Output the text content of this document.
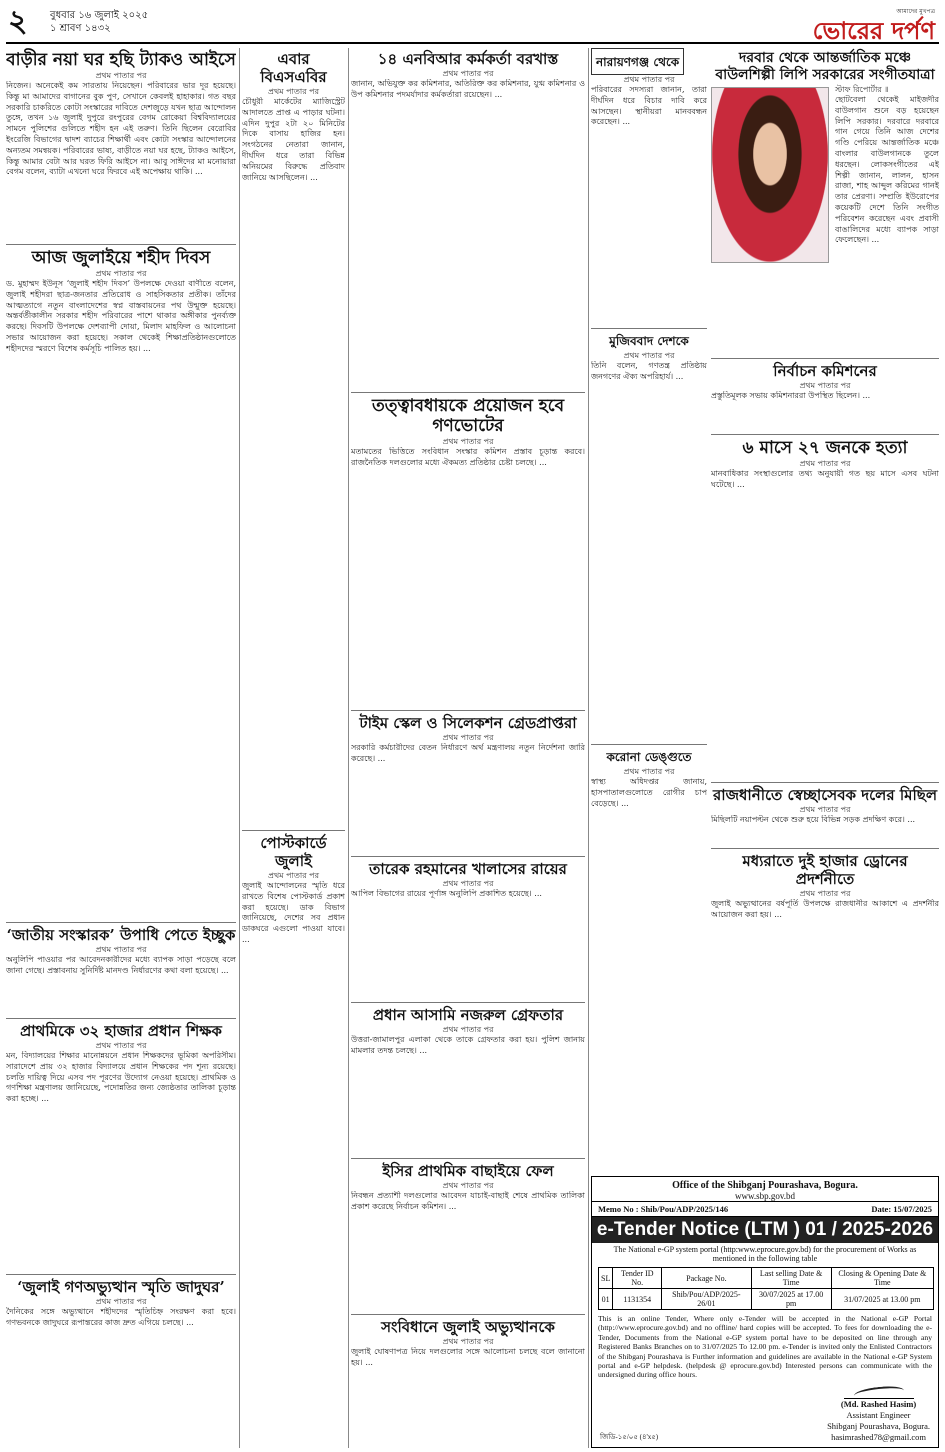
২ বুধবার ১৬ জুলাই ২০২৫
১ শ্রাবণ ১৪৩২
আমাদের মুখপত্র
ভোরের দর্পণ
বাড়ীর নয়া ঘর হছি ট্যাকও আইসে
প্রথম পাতার পর
নিজেন। অনেকেই কম সারতায় নিয়েছেন। পরিবারের ভার দূর হয়েছে। কিন্তু মা আমাদের বাগানের বুক পুণ, সেখানে কেবলই হাহাকার। গত বছর সরকারি চাকরিতে কোটা সংস্কারের দাবিতে দেশজুড়ে যখন ছাত্র আন্দোলন তুঙ্গে, তখন ১৬ জুলাই দুপুরে রংপুরের বেগম রোকেয়া বিশ্ববিদ্যালয়ের সামনে পুলিশের গুলিতে শহীদ হন এই তরুণ। তিনি ছিলেন বেরোবির ইংরেজি বিভাগের দ্বাদশ ব্যাচের শিক্ষার্থী এবং কোটা সংস্কার আন্দোলনের অন্যতম সমন্বয়ক। পরিবারের ভাষ্য, বাড়ীতে নয়া ঘর হছে, ট্যাকও আইসে, কিন্তু আমার বেটা আর ঘরত ফিরি আইসে না। আবু সাঈদের মা মনোয়ারা বেগম বলেন, ব্যাটা এখনো ঘরে ফিরবে এই অপেক্ষায় থাকি। ...
আজ জুলাইয়ে শহীদ দিবস
প্রথম পাতার পর
ড. মুহাম্মদ ইউনূস ‘জুলাই শহীদ দিবস’ উপলক্ষে দেওয়া বাণীতে বলেন, জুলাই শহীদরা ছাত্র-জনতার প্রতিরোধ ও সাহসিকতার প্রতীক। তাঁদের আত্মত্যাগে নতুন বাংলাদেশের স্বপ্ন বাস্তবায়নের পথ উন্মুক্ত হয়েছে। অন্তর্বর্তীকালীন সরকার শহীদ পরিবারের পাশে থাকার অঙ্গীকার পুনর্ব্যক্ত করছে। দিবসটি উপলক্ষে দেশব্যাপী দোয়া, মিলাদ মাহফিল ও আলোচনা সভার আয়োজন করা হয়েছে। সকাল থেকেই শিক্ষাপ্রতিষ্ঠানগুলোতে শহীদদের স্মরণে বিশেষ কর্মসূচি পালিত হয়। ...
‘জাতীয় সংস্কারক’ উপাধি পেতে ইচ্ছুক
প্রথম পাতার পর
অনুলিপি পাওয়ার পর আবেদনকারীদের মধ্যে ব্যাপক সাড়া পড়েছে বলে জানা গেছে। প্রস্তাবনায় সুনির্দিষ্ট মানদণ্ড নির্ধারণের কথা বলা হয়েছে। ...
প্রাথমিকে ৩২ হাজার প্রধান শিক্ষক
প্রথম পাতার পর
মন, বিদ্যালয়ের শিক্ষার মানোন্নয়নে প্রধান শিক্ষকদের ভূমিকা অপরিসীম। সারাদেশে প্রায় ৩২ হাজার বিদ্যালয়ে প্রধান শিক্ষকের পদ শূন্য রয়েছে। চলতি দায়িত্ব দিয়ে এসব পদ পূরণের উদ্যোগ নেওয়া হয়েছে। প্রাথমিক ও গণশিক্ষা মন্ত্রণালয় জানিয়েছে, পদোন্নতির জন্য জ্যেষ্ঠতার তালিকা চূড়ান্ত করা হচ্ছে। ...
‘জুলাই গণঅভ্যুত্থান স্মৃতি জাদুঘর’
প্রথম পাতার পর
দৈনিকের সঙ্গে অভ্যুত্থানে শহীদদের স্মৃতিচিহ্ন সংরক্ষণ করা হবে। গণভবনকে জাদুঘরে রূপান্তরের কাজ দ্রুত এগিয়ে চলছে। ...
এবার বিএসএবির
প্রথম পাতার পর
চৌধুরী মার্কেটের ম্যাজিস্ট্রেট আদালতে প্রাপ্ত এ পাড়ার ঘটনা। এদিন দুপুর ২টা ২০ মিনিটের দিকে বাসায় হাজির হন। সংগঠনের নেতারা জানান, দীর্ঘদিন ধরে তারা বিভিন্ন অনিয়মের বিরুদ্ধে প্রতিবাদ জানিয়ে আসছিলেন। ...
পোস্টকার্ডে জুলাই
প্রথম পাতার পর
জুলাই আন্দোলনের স্মৃতি ধরে রাখতে বিশেষ পোস্টকার্ড প্রকাশ করা হয়েছে। ডাক বিভাগ জানিয়েছে, দেশের সব প্রধান ডাকঘরে এগুলো পাওয়া যাবে। ...
১৪ এনবিআর কর্মকর্তা বরখাস্ত
প্রথম পাতার পর
জানান, অভিযুক্ত কর কমিশনার, অতিরিক্ত কর কমিশনার, যুগ্ম কমিশনার ও উপ কমিশনার পদমর্যাদার কর্মকর্তারা রয়েছেন। ...
তত্ত্বাবধায়কে প্রয়োজন হবে গণভোটের
প্রথম পাতার পর
মতামতের ভিত্তিতে সংবিধান সংস্কার কমিশন প্রস্তাব চূড়ান্ত করবে। রাজনৈতিক দলগুলোর মধ্যে ঐকমত্য প্রতিষ্ঠার চেষ্টা চলছে। ...
টাইম স্কেল ও সিলেকশন গ্রেডপ্রাপ্তরা
প্রথম পাতার পর
সরকারি কর্মচারীদের বেতন নির্ধারণে অর্থ মন্ত্রণালয় নতুন নির্দেশনা জারি করেছে। ...
তারেক রহমানের খালাসের রায়ের
প্রথম পাতার পর
আপিল বিভাগের রায়ের পূর্ণাঙ্গ অনুলিপি প্রকাশিত হয়েছে। ...
প্রধান আসামি নজরুল গ্রেফতার
প্রথম পাতার পর
উত্তরা-জামালপুর এলাকা থেকে তাকে গ্রেফতার করা হয়। পুলিশ জানায় মামলার তদন্ত চলছে। ...
ইসির প্রাথমিক বাছাইয়ে ফেল
প্রথম পাতার পর
নিবন্ধন প্রত্যাশী দলগুলোর আবেদন যাচাই-বাছাই শেষে প্রাথমিক তালিকা প্রকাশ করেছে নির্বাচন কমিশন। ...
সংবিধানে জুলাই অভ্যুত্থানকে
প্রথম পাতার পর
জুলাই ঘোষণাপত্র নিয়ে দলগুলোর সঙ্গে আলোচনা চলছে বলে জানানো হয়। ...
নারায়ণগঞ্জ থেকে
প্রথম পাতার পর
পরিবারের সদস্যরা জানান, তারা দীর্ঘদিন ধরে বিচার দাবি করে আসছেন। স্থানীয়রা মানববন্ধন করেছেন। ...
মুজিববাদ দেশকে
প্রথম পাতার পর
তিনি বলেন, গণতন্ত্র প্রতিষ্ঠায় জনগণের ঐক্য অপরিহার্য। ...
করোনা ডেঙ্গুতে
প্রথম পাতার পর
স্বাস্থ্য অধিদপ্তর জানায়, হাসপাতালগুলোতে রোগীর চাপ বেড়েছে। ...
দরবার থেকে আন্তর্জাতিক মঞ্চে বাউলশিল্পী লিপি সরকারের সংগীতযাত্রা
স্টাফ রিপোর্টার ॥
ছোটবেলা থেকেই মাইজদীর বাউলগান শুনে বড় হয়েছেন লিপি সরকার। দরবারে দরবারে গান গেয়ে তিনি আজ দেশের গণ্ডি পেরিয়ে আন্তর্জাতিক মঞ্চে বাংলার বাউলগানকে তুলে ধরছেন। লোকসংগীতের এই শিল্পী জানান, লালন, হাসন রাজা, শাহ আব্দুল করিমের গানই তার প্রেরণা। সম্প্রতি ইউরোপের কয়েকটি দেশে তিনি সংগীত পরিবেশন করেছেন এবং প্রবাসী বাঙালিদের মধ্যে ব্যাপক সাড়া ফেলেছেন। ...
নির্বাচন কমিশনের
প্রথম পাতার পর
প্রস্তুতিমূলক সভায় কমিশনাররা উপস্থিত ছিলেন। ...
৬ মাসে ২৭ জনকে হত্যা
প্রথম পাতার পর
মানবাধিকার সংস্থাগুলোর তথ্য অনুযায়ী গত ছয় মাসে এসব ঘটনা ঘটেছে। ...
রাজধানীতে স্বেচ্ছাসেবক দলের মিছিল
প্রথম পাতার পর
মিছিলটি নয়াপল্টন থেকে শুরু হয়ে বিভিন্ন সড়ক প্রদক্ষিণ করে। ...
মধ্যরাতে দুই হাজার ড্রোনের প্রদর্শনীতে
প্রথম পাতার পর
জুলাই অভ্যুত্থানের বর্ষপূর্তি উপলক্ষে রাজধানীর আকাশে এ প্রদর্শনীর আয়োজন করা হয়। ...
Office of the Shibganj Pourashava, Bogura.
www.sbp.gov.bd
Memo No : Shib/Pou/ADP/2025/146	Date: 15/07/2025
e-Tender Notice (LTM ) 01 / 2025-2026
The National e-GP system portal (http:www.eprocure.gov.bd) for the procurement of Works as mentioned in the following table
SL	Tender ID No.	Package No.	Last selling Date & Time	Closing & Opening Date & Time
01	1131354	Shib/Pou/ADP/2025-26/01	30/07/2025 at 17.00 pm	31/07/2025 at 13.00 pm
This is an online Tender, Where only e-Tender will be accepted in the National e-GP Portal (http://www.eprocure.gov.bd) and no offline/ hard copies will be accepted. To fees for downloading the e-Tender, Documents from the National e-GP system portal have to be deposited on line through any Registered Banks Branches on to 31/07/2025 To 12.00 pm. e-Tender is invited only the Enlisted Contractors of the Shibganj Pourashava is Further information and guidelines are available in the National e-GP System portal and e-GP helpdesk. (helpdesk @ eprocure.gov.bd) Interested persons can communicate with the undersigned during office hours.
জিডি-১৫/০৫ (৪'x৫)
(Md. Rashed Hasim)
Assistant Engineer
Shibganj Pourashava, Bogura.
hasimrashed78@gmail.com
